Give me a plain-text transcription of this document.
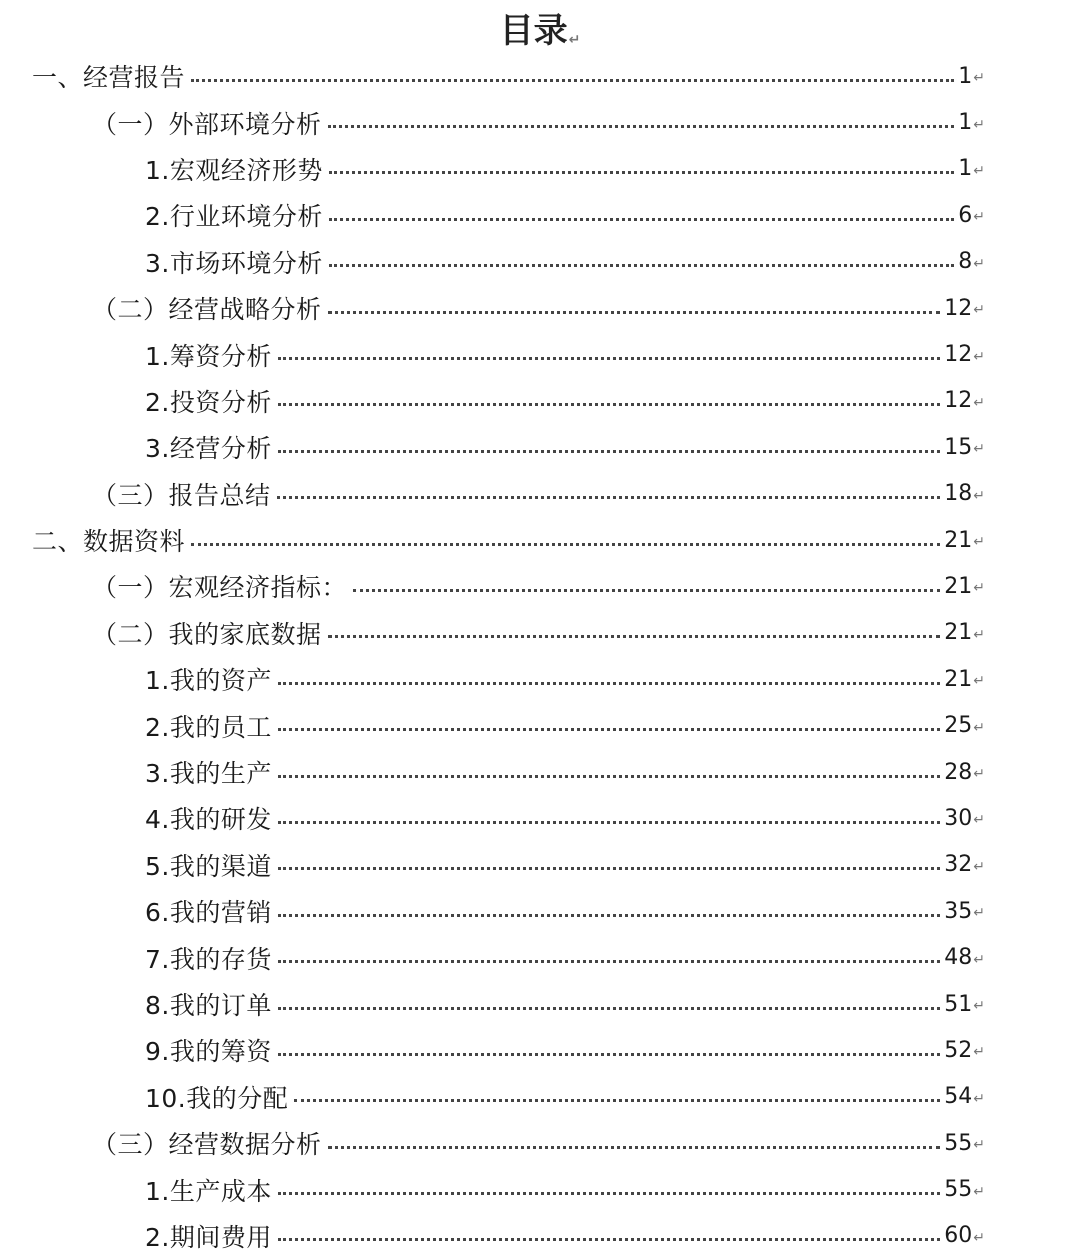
目录↵
一、经营报告	1 ↵
（一）外部环境分析	1 ↵
1.宏观经济形势	1 ↵
2.行业环境分析	6 ↵
3.市场环境分析	8 ↵
（二）经营战略分析	12 ↵
1.筹资分析	12 ↵
2.投资分析	12 ↵
3.经营分析	15 ↵
（三）报告总结	18 ↵
二、数据资料	21 ↵
（一）宏观经济指标：	21 ↵
（二）我的家底数据	21 ↵
1.我的资产	21 ↵
2.我的员工	25 ↵
3.我的生产	28 ↵
4.我的研发	30 ↵
5.我的渠道	32 ↵
6.我的营销	35 ↵
7.我的存货	48 ↵
8.我的订单	51 ↵
9.我的筹资	52 ↵
10.我的分配	54 ↵
（三）经营数据分析	55 ↵
1.生产成本	55 ↵
2.期间费用	60 ↵
